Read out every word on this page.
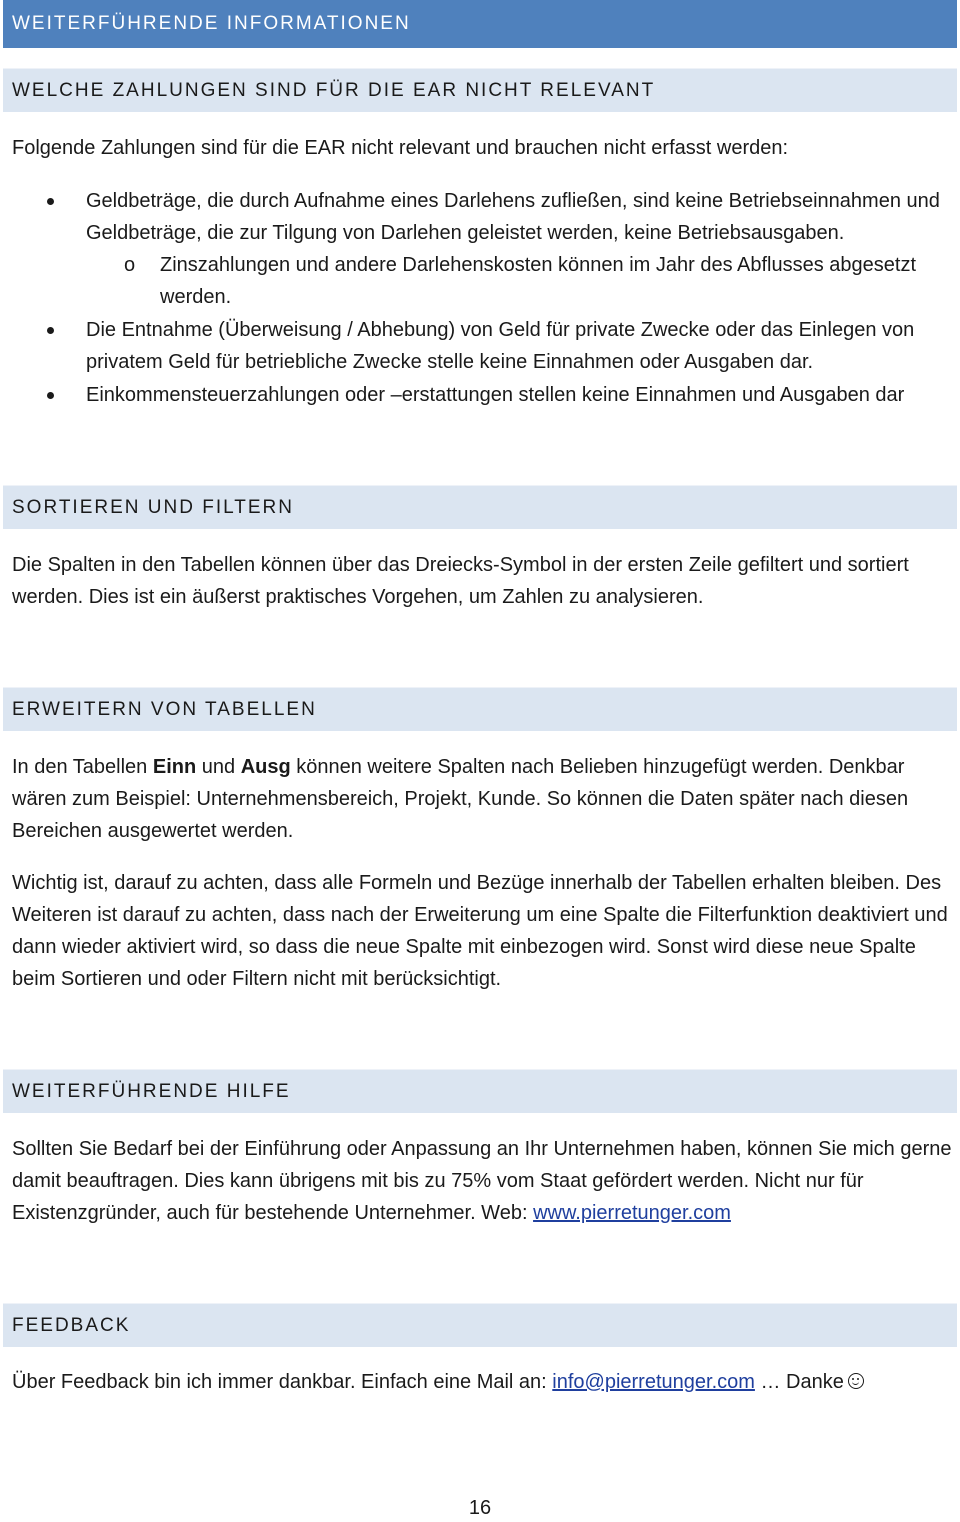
WEITERFÜHRENDE INFORMATIONEN
WELCHE ZAHLUNGEN SIND FÜR DIE EAR NICHT RELEVANT

Folgende Zahlungen sind für die EAR nicht relevant und brauchen nicht erfasst werden:

Geldbeträge, die durch Aufnahme eines Darlehens zufließen, sind keine Betriebseinnahmen und Geldbeträge, die zur Tilgung von Darlehen geleistet werden, keine Betriebsausgaben.

o Zinszahlungen und andere Darlehenskosten können im Jahr des Abflusses abgesetzt werden.

Die Entnahme (Überweisung / Abhebung) von Geld für private Zwecke oder das Einlegen von privatem Geld für betriebliche Zwecke stelle keine Einnahmen oder Ausgaben dar.

Einkommensteuerzahlungen oder –erstattungen stellen keine Einnahmen und Ausgaben dar

SORTIEREN UND FILTERN

Die Spalten in den Tabellen können über das Dreiecks-Symbol in der ersten Zeile gefiltert und sortiert werden. Dies ist ein äußerst praktisches Vorgehen, um Zahlen zu analysieren.

ERWEITERN VON TABELLEN

In den Tabellen Einn und Ausg können weitere Spalten nach Belieben hinzugefügt werden. Denkbar wären zum Beispiel: Unternehmensbereich, Projekt, Kunde. So können die Daten später nach diesen Bereichen ausgewertet werden.

Wichtig ist, darauf zu achten, dass alle Formeln und Bezüge innerhalb der Tabellen erhalten bleiben. Des Weiteren ist darauf zu achten, dass nach der Erweiterung um eine Spalte die Filterfunktion deaktiviert und dann wieder aktiviert wird, so dass die neue Spalte mit einbezogen wird. Sonst wird diese neue Spalte beim Sortieren und oder Filtern nicht mit berücksichtigt.

WEITERFÜHRENDE HILFE

Sollten Sie Bedarf bei der Einführung oder Anpassung an Ihr Unternehmen haben, können Sie mich gerne damit beauftragen. Dies kann übrigens mit bis zu 75% vom Staat gefördert werden. Nicht nur für Existenzgründer, auch für bestehende Unternehmer. Web: www.pierretunger.com

FEEDBACK

Über Feedback bin ich immer dankbar. Einfach eine Mail an: info@pierretunger.com … Danke

16
